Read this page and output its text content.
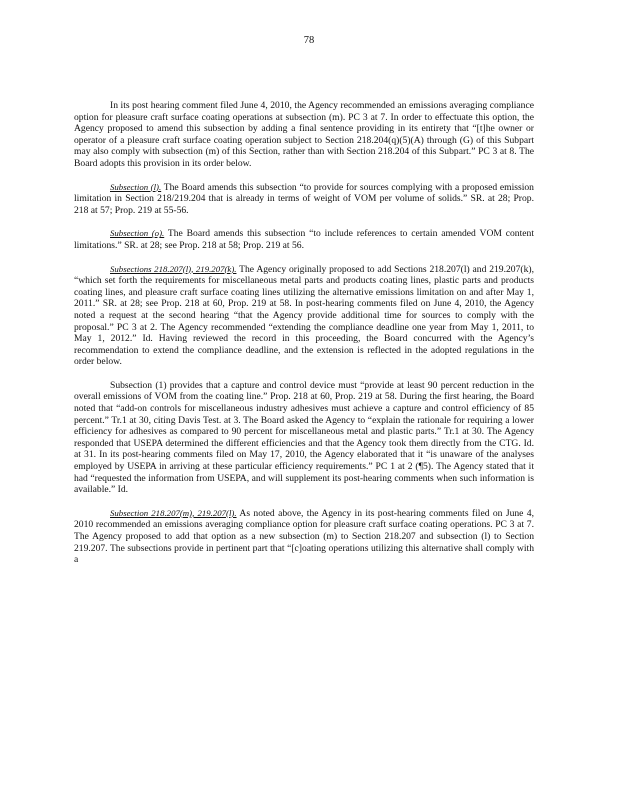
78

In its post hearing comment filed June 4, 2010, the Agency recommended an emissions averaging compliance option for pleasure craft surface coating operations at subsection (m). PC 3 at 7. In order to effectuate this option, the Agency proposed to amend this subsection by adding a final sentence providing in its entirety that “[t]he owner or operator of a pleasure craft surface coating operation subject to Section 218.204(q)(5)(A) through (G) of this Subpart may also comply with subsection (m) of this Section, rather than with Section 218.204 of this Subpart.” PC 3 at 8. The Board adopts this provision in its order below.

Subsection (l). The Board amends this subsection “to provide for sources complying with a proposed emission limitation in Section 218/219.204 that is already in terms of weight of VOM per volume of solids.” SR. at 28; Prop. 218 at 57; Prop. 219 at 55-56.

Subsection (o). The Board amends this subsection “to include references to certain amended VOM content limitations.” SR. at 28; see Prop. 218 at 58; Prop. 219 at 56.

Subsections 218.207(l), 219.207(k). The Agency originally proposed to add Sections 218.207(l) and 219.207(k), “which set forth the requirements for miscellaneous metal parts and products coating lines, plastic parts and products coating lines, and pleasure craft surface coating lines utilizing the alternative emissions limitation on and after May 1, 2011.” SR. at 28; see Prop. 218 at 60, Prop. 219 at 58. In post-hearing comments filed on June 4, 2010, the Agency noted a request at the second hearing “that the Agency provide additional time for sources to comply with the proposal.” PC 3 at 2. The Agency recommended “extending the compliance deadline one year from May 1, 2011, to May 1, 2012.” Id. Having reviewed the record in this proceeding, the Board concurred with the Agency’s recommendation to extend the compliance deadline, and the extension is reflected in the adopted regulations in the order below.

Subsection (1) provides that a capture and control device must “provide at least 90 percent reduction in the overall emissions of VOM from the coating line.” Prop. 218 at 60, Prop. 219 at 58. During the first hearing, the Board noted that “add-on controls for miscellaneous industry adhesives must achieve a capture and control efficiency of 85 percent.” Tr.1 at 30, citing Davis Test. at 3. The Board asked the Agency to “explain the rationale for requiring a lower efficiency for adhesives as compared to 90 percent for miscellaneous metal and plastic parts.” Tr.1 at 30. The Agency responded that USEPA determined the different efficiencies and that the Agency took them directly from the CTG. Id. at 31. In its post-hearing comments filed on May 17, 2010, the Agency elaborated that it “is unaware of the analyses employed by USEPA in arriving at these particular efficiency requirements.” PC 1 at 2 (¶5). The Agency stated that it had “requested the information from USEPA, and will supplement its post-hearing comments when such information is available.” Id.

Subsection 218.207(m), 219.207(l). As noted above, the Agency in its post-hearing comments filed on June 4, 2010 recommended an emissions averaging compliance option for pleasure craft surface coating operations. PC 3 at 7. The Agency proposed to add that option as a new subsection (m) to Section 218.207 and subsection (l) to Section 219.207. The subsections provide in pertinent part that “[c]oating operations utilizing this alternative shall comply with a
